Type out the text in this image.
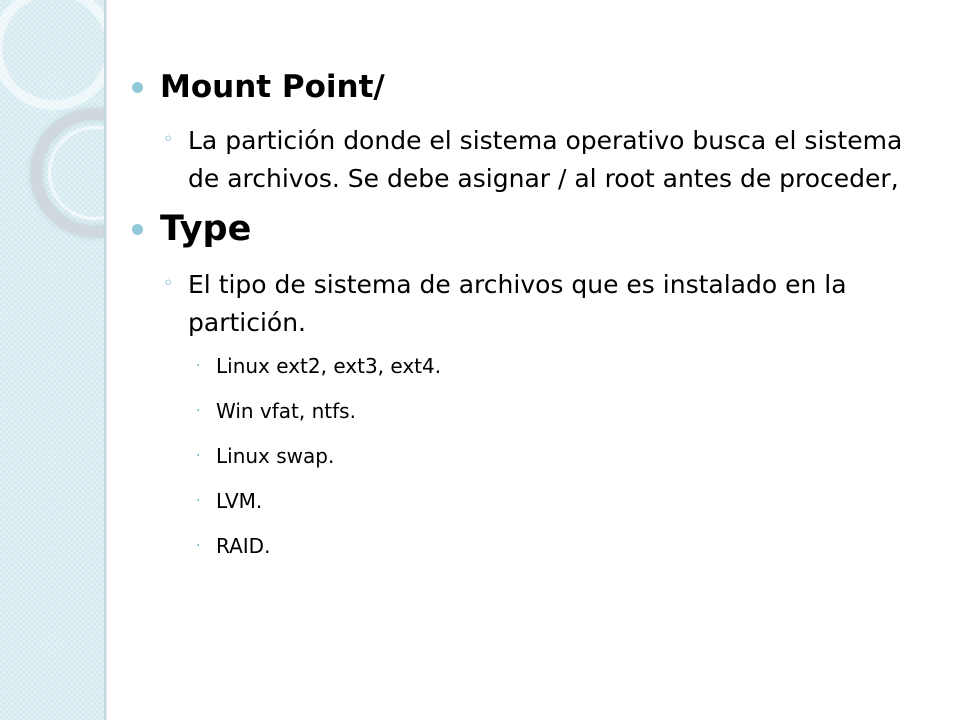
Mount Point/
◦ La partición donde el sistema operativo busca el sistema de archivos. Se debe asignar / al root antes de proceder,
Type
◦ El tipo de sistema de archivos que es instalado en la partición.
· Linux ext2, ext3, ext4.
· Win vfat, ntfs.
· Linux swap.
· LVM.
· RAID.
